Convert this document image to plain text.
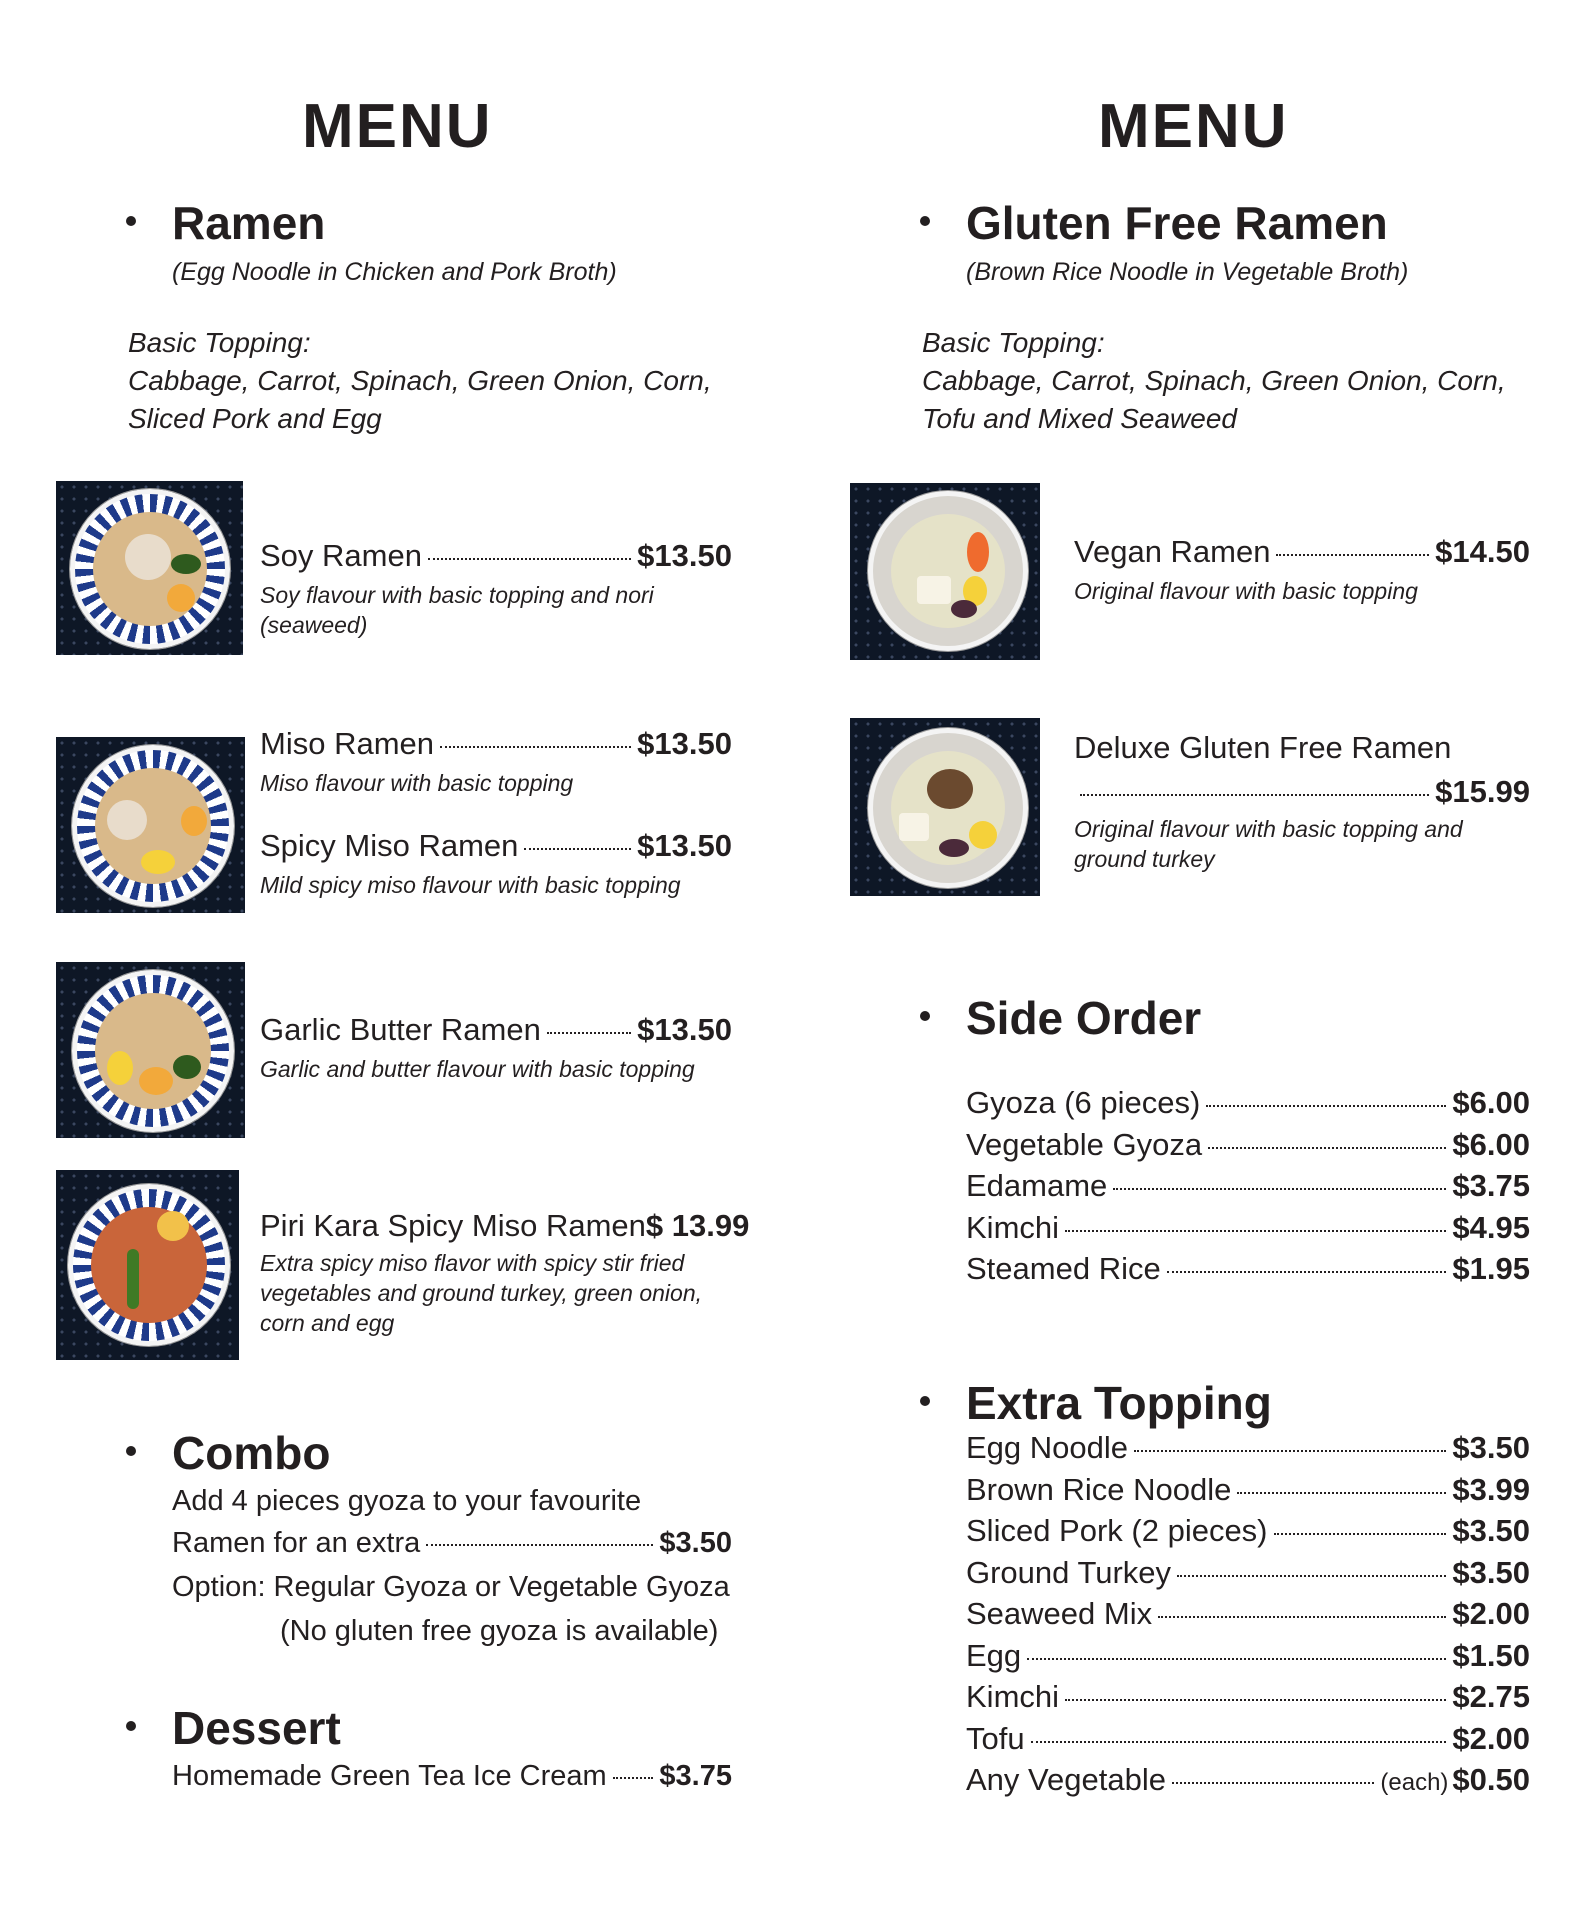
MENU
Ramen
(Egg Noodle in Chicken and Pork Broth)
Basic Topping:
Cabbage, Carrot, Spinach, Green Onion, Corn,
Sliced Pork and Egg
Soy Ramen	$13.50
Soy flavour with basic topping and nori
(seaweed)
Miso Ramen	$13.50
Miso flavour with basic topping
Spicy Miso Ramen	$13.50
Mild spicy miso flavour with basic topping
Garlic Butter Ramen	$13.50
Garlic and butter flavour with basic topping
Piri Kara Spicy Miso Ramen $ 13.99
Extra spicy miso flavor with spicy stir fried
vegetables and ground turkey, green onion,
corn and egg
Combo
Add 4 pieces gyoza to your favourite
Ramen for an extra	$3.50
Option: Regular Gyoza or Vegetable Gyoza
(No gluten free gyoza is available)
Dessert
Homemade Green Tea Ice Cream $3.75
MENU
Gluten Free Ramen
(Brown Rice Noodle in Vegetable Broth)
Basic Topping:
Cabbage, Carrot, Spinach, Green Onion, Corn,
Tofu and Mixed Seaweed
Vegan Ramen	$14.50
Original flavour with basic topping
Deluxe Gluten Free Ramen
$15.99
Original flavour with basic topping and
ground turkey
Side Order
Gyoza (6 pieces)	$6.00
Vegetable Gyoza	$6.00
Edamame	$3.75
Kimchi	$4.95
Steamed Rice	$1.95
Extra Topping
Egg Noodle	$3.50
Brown Rice Noodle	$3.99
Sliced Pork (2 pieces)	$3.50
Ground Turkey	$3.50
Seaweed Mix	$2.00
Egg	$1.50
Kimchi	$2.75
Tofu	$2.00
Any Vegetable	(each) $0.50
